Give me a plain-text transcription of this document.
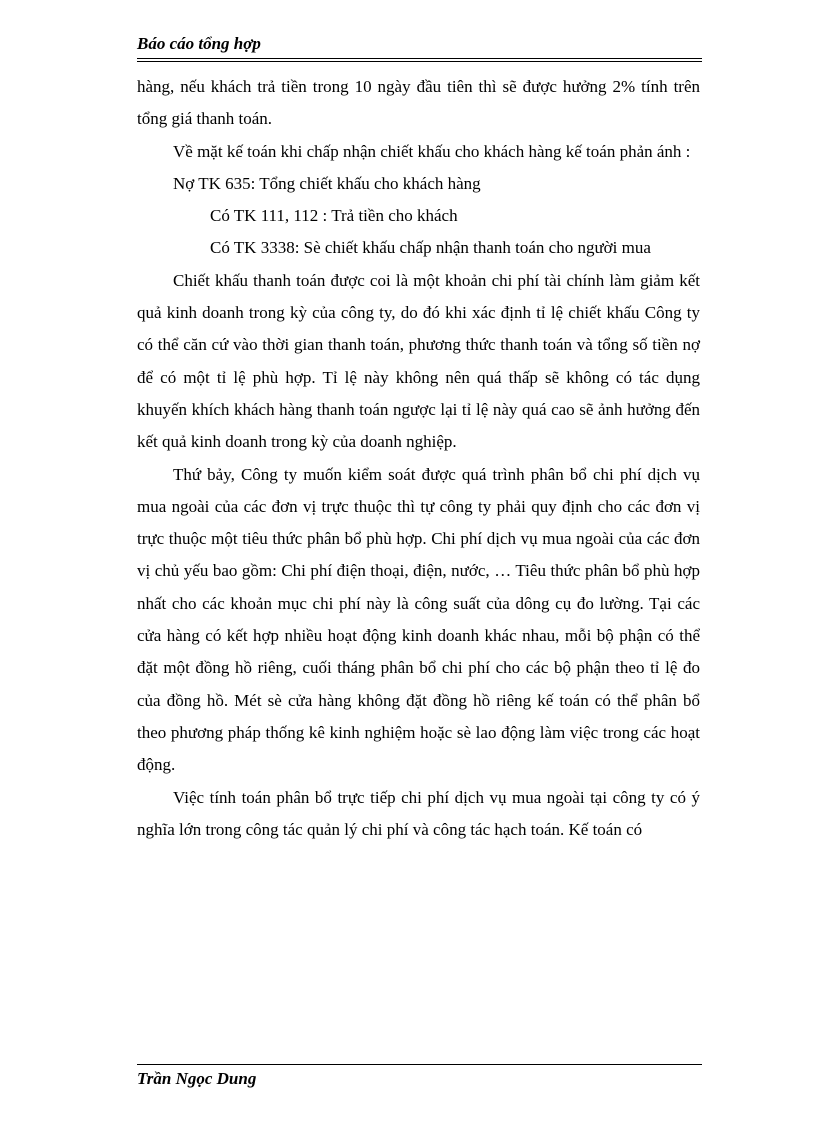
Báo cáo tổng hợp

hàng, nếu khách trả tiền trong 10 ngày đầu tiên thì sẽ được hưởng 2% tính trên tổng giá thanh toán.

Về mặt kế toán khi chấp nhận chiết khấu cho khách hàng kế toán phản ánh :

Nợ TK 635: Tổng chiết khấu cho khách hàng

Có TK 111, 112 : Trả tiền cho khách

Có TK 3338: Sè chiết khấu chấp nhận thanh toán cho người mua

Chiết khấu thanh toán được coi là một khoản chi phí tài chính làm giảm kết quả kinh doanh trong kỳ của công ty, do đó khi xác định tỉ lệ chiết khấu Công ty có thể căn cứ vào thời gian thanh toán, phương thức thanh toán và tổng số tiền nợ để có một tỉ lệ phù hợp. Tỉ lệ này không nên quá thấp sẽ không có tác dụng khuyến khích khách hàng thanh toán ngược lại tỉ lệ này quá cao sẽ ảnh hưởng đến kết quả kinh doanh trong kỳ của doanh nghiệp.

Thứ bảy, Công ty muốn kiểm soát được quá trình phân bổ chi phí dịch vụ mua ngoài của các đơn vị trực thuộc thì tự công ty phải quy định cho các đơn vị trực thuộc một tiêu thức phân bổ phù hợp. Chi phí dịch vụ mua ngoài của các đơn vị chủ yếu bao gồm: Chi phí điện thoại, điện, nước, … Tiêu thức phân bổ phù hợp nhất cho các khoản mục chi phí này là công suất của dông cụ đo lường. Tại các cửa hàng có kết hợp nhiều hoạt động kinh doanh khác nhau, mỗi bộ phận có thể đặt một đồng hồ riêng, cuối tháng phân bổ chi phí cho các bộ phận theo tỉ lệ đo của đồng hồ. Mét sè cửa hàng không đặt đồng hồ riêng kế toán có thể phân bổ theo phương pháp thống kê kinh nghiệm hoặc sè lao động làm việc trong các hoạt động.

Việc tính toán phân bổ trực tiếp chi phí dịch vụ mua ngoài tại công ty có ý nghĩa lớn trong công tác quản lý chi phí và công tác hạch toán. Kế toán có

Trần Ngọc Dung
